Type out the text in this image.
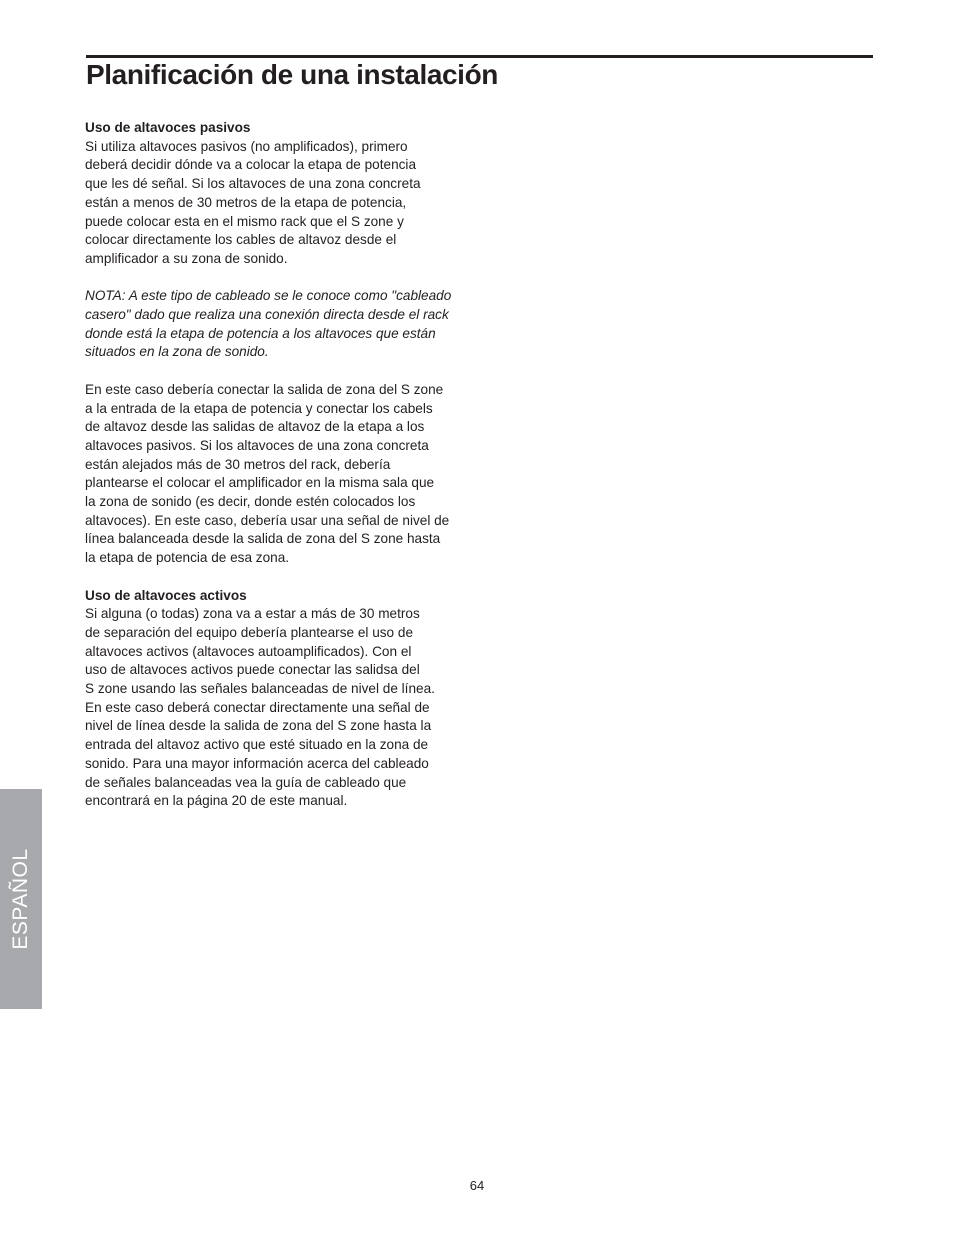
Planificación de una instalación

Uso de altavoces pasivos

Si utiliza altavoces pasivos (no amplificados), primero
deberá decidir dónde va a colocar la etapa de potencia
que les dé señal. Si los altavoces de una zona concreta
están a menos de 30 metros de la etapa de potencia,
puede colocar esta en el mismo rack que el S zone y
colocar directamente los cables de altavoz desde el
amplificador a su zona de sonido.

NOTA: A este tipo de cableado se le conoce como "cableado
casero" dado que realiza una conexión directa desde el rack
donde está la etapa de potencia a los altavoces que están
situados en la zona de sonido.

En este caso debería conectar la salida de zona del S zone
a la entrada de la etapa de potencia y conectar los cabels
de altavoz desde las salidas de altavoz de la etapa a los
altavoces pasivos. Si los altavoces de una zona concreta
están alejados más de 30 metros del rack, debería
plantearse el colocar el amplificador en la misma sala que
la zona de sonido (es decir, donde estén colocados los
altavoces). En este caso, debería usar una señal de nivel de
línea balanceada desde la salida de zona del S zone hasta
la etapa de potencia de esa zona.

Uso de altavoces activos

Si alguna (o todas) zona va a estar a más de 30 metros
de separación del equipo debería plantearse el uso de
altavoces activos (altavoces autoamplificados). Con el
uso de altavoces activos puede conectar las salidsa del
S zone usando las señales balanceadas de nivel de línea.
En este caso deberá conectar directamente una señal de
nivel de línea desde la salida de zona del S zone hasta la
entrada del altavoz activo que esté situado en la zona de
sonido. Para una mayor información acerca del cableado
de señales balanceadas vea la guía de cableado que
encontrará en la página 20 de este manual.

ESPAÑOL
64
